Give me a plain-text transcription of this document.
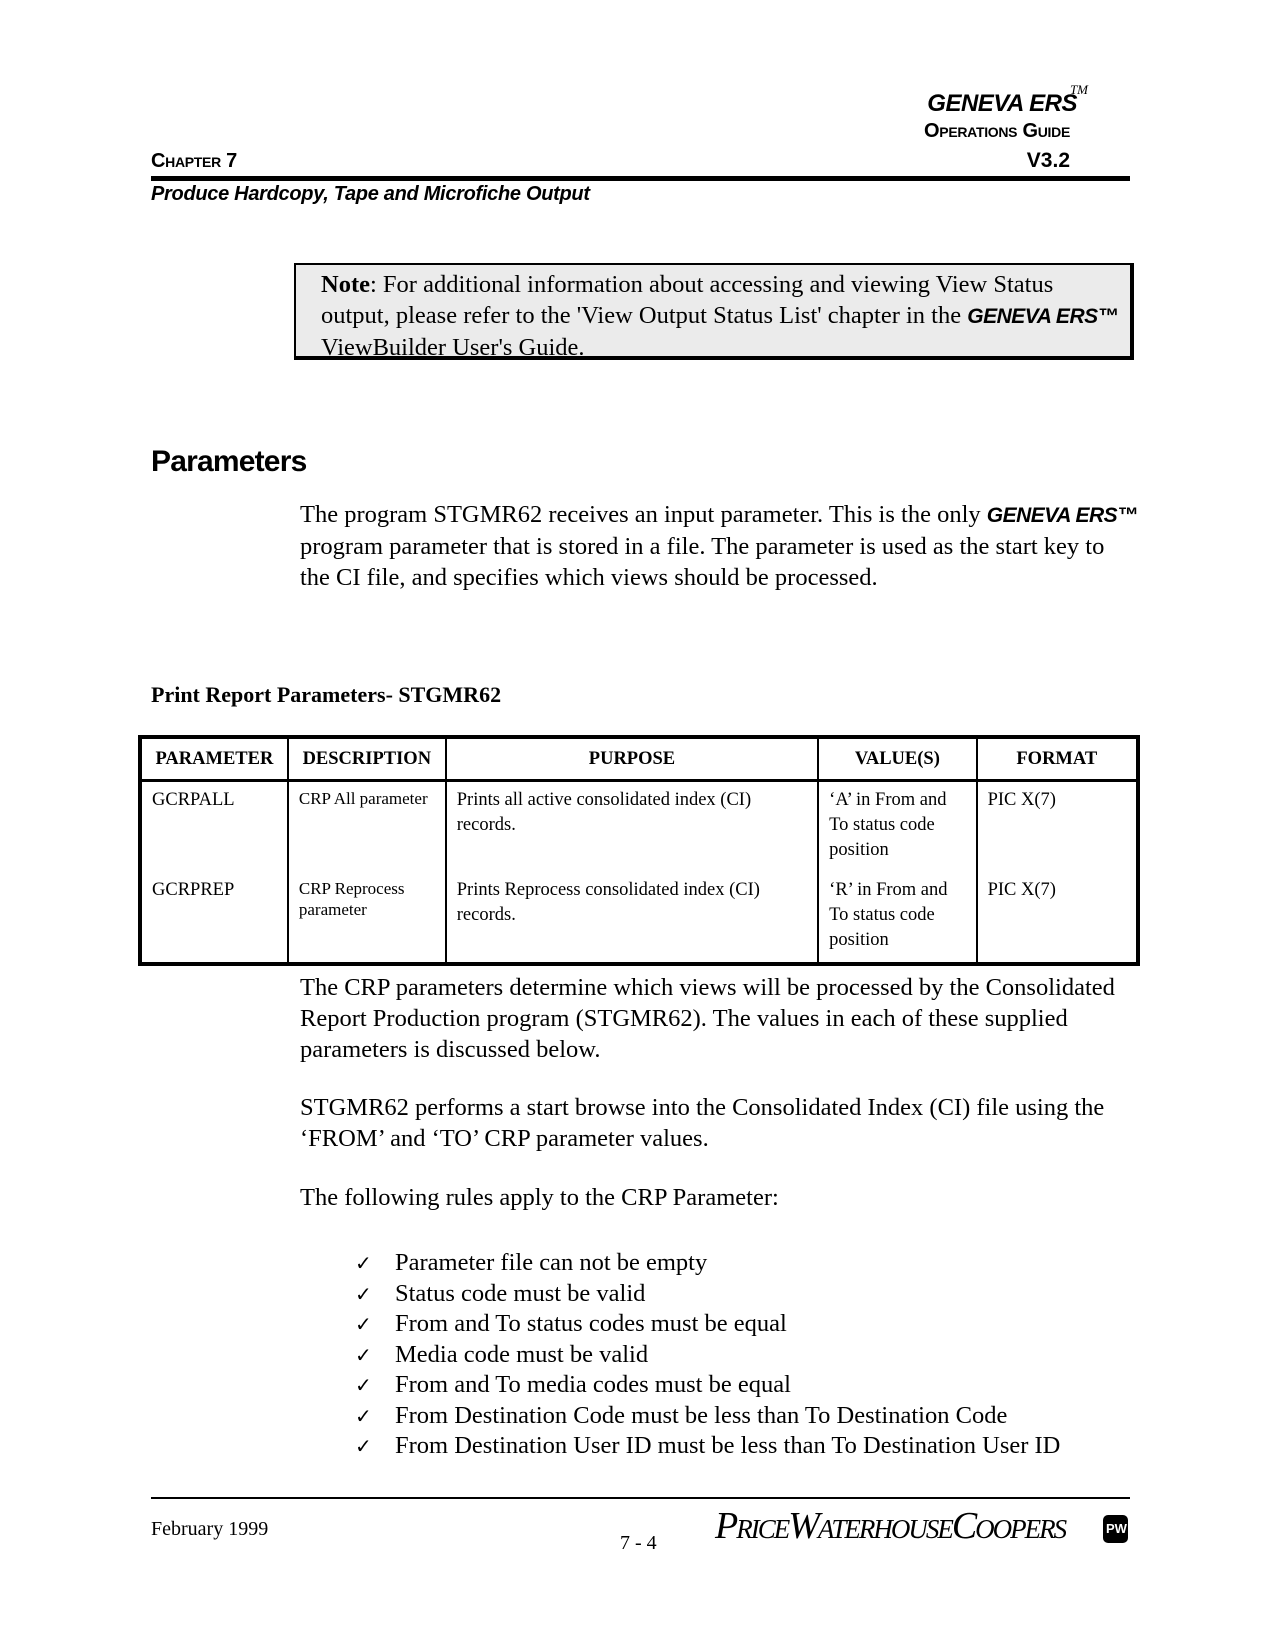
GENEVA ERS
TM
Operations Guide
V3.2
Chapter 7
Produce Hardcopy, Tape and Microfiche Output
Note: For additional information about accessing and viewing View Status output, please refer to the 'View Output Status List' chapter in the GENEVA ERS™ ViewBuilder User's Guide.
Parameters
The program STGMR62 receives an input parameter. This is the only GENEVA ERS™ program parameter that is stored in a file. The parameter is used as the start key to the CI file, and specifies which views should be processed.
Print Report Parameters- STGMR62
PARAMETER	DESCRIPTION	PURPOSE	VALUE(S)	FORMAT
GCRPALL	CRP All parameter	Prints all active consolidated index (CI) records.	‘A’ in From and To status code position	PIC X(7)
GCRPREP	CRP Reprocess parameter	Prints Reprocess consolidated index (CI) records.	‘R’ in From and To status code position	PIC X(7)
The CRP parameters determine which views will be processed by the Consolidated Report Production program (STGMR62). The values in each of these supplied parameters is discussed below.
STGMR62 performs a start browse into the Consolidated Index (CI) file using the ‘FROM’ and ‘TO’ CRP parameter values.
The following rules apply to the CRP Parameter:
✓ Parameter file can not be empty
✓ Status code must be valid
✓ From and To status codes must be equal
✓ Media code must be valid
✓ From and To media codes must be equal
✓ From Destination Code must be less than To Destination Code
✓ From Destination User ID must be less than To Destination User ID
February 1999
7 - 4 PriceWaterhouseCoopers	PW
